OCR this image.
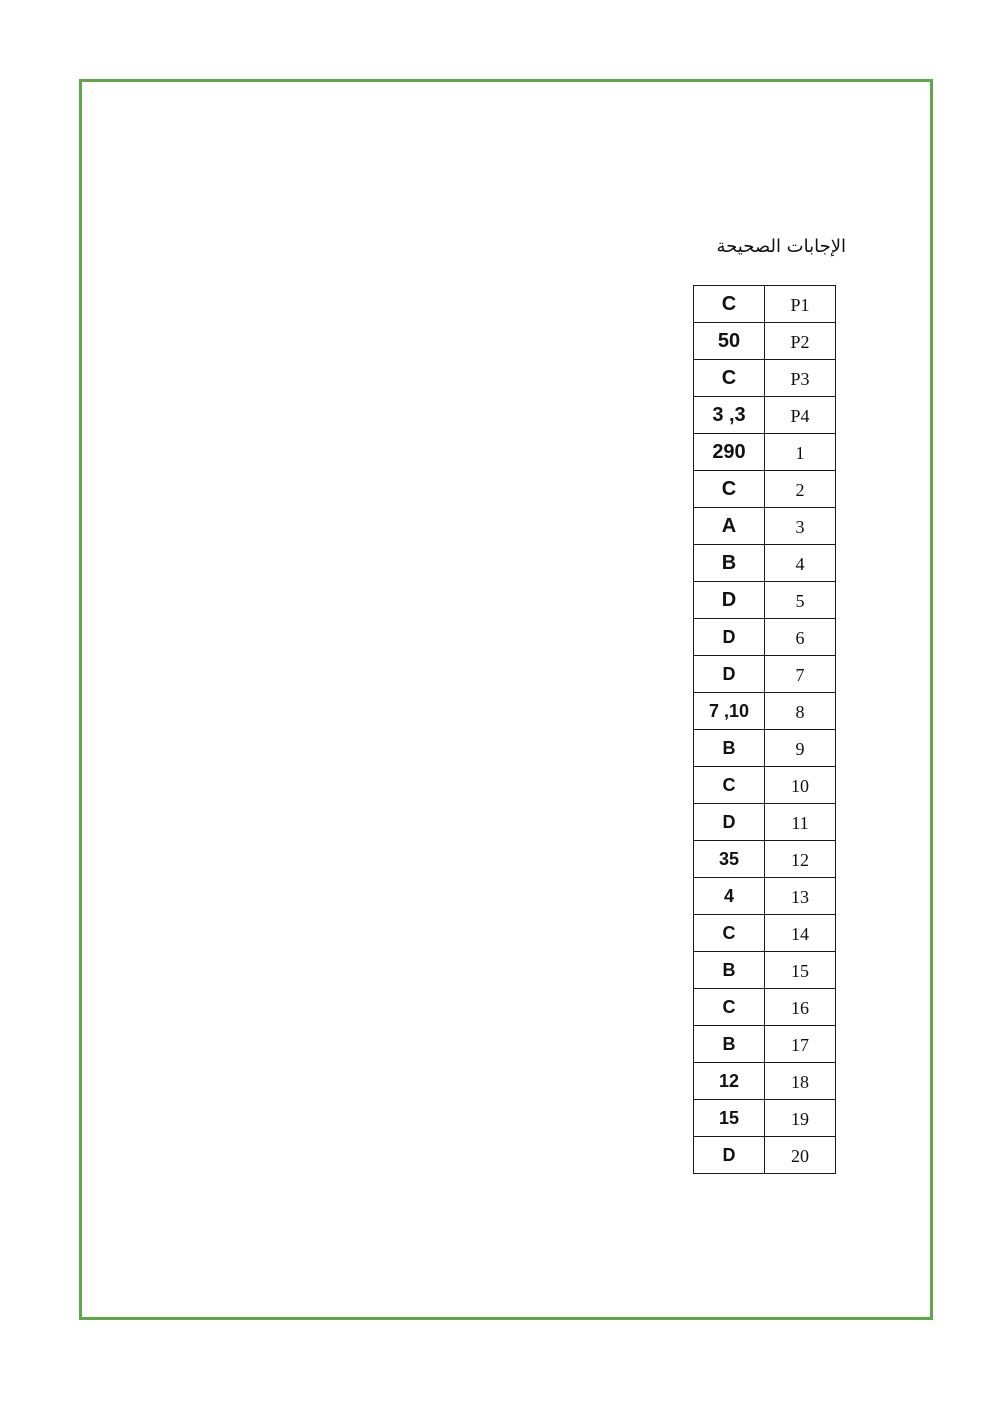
الإجابات الصحيحة
C	P1
50	P2
C	P3
3 ,3	P4
290	1
C	2
A	3
B	4
D	5
D	6
D	7
7 ,10	8
B	9
C	10
D	11
35	12
4	13
C	14
B	15
C	16
B	17
12	18
15	19
D	20
